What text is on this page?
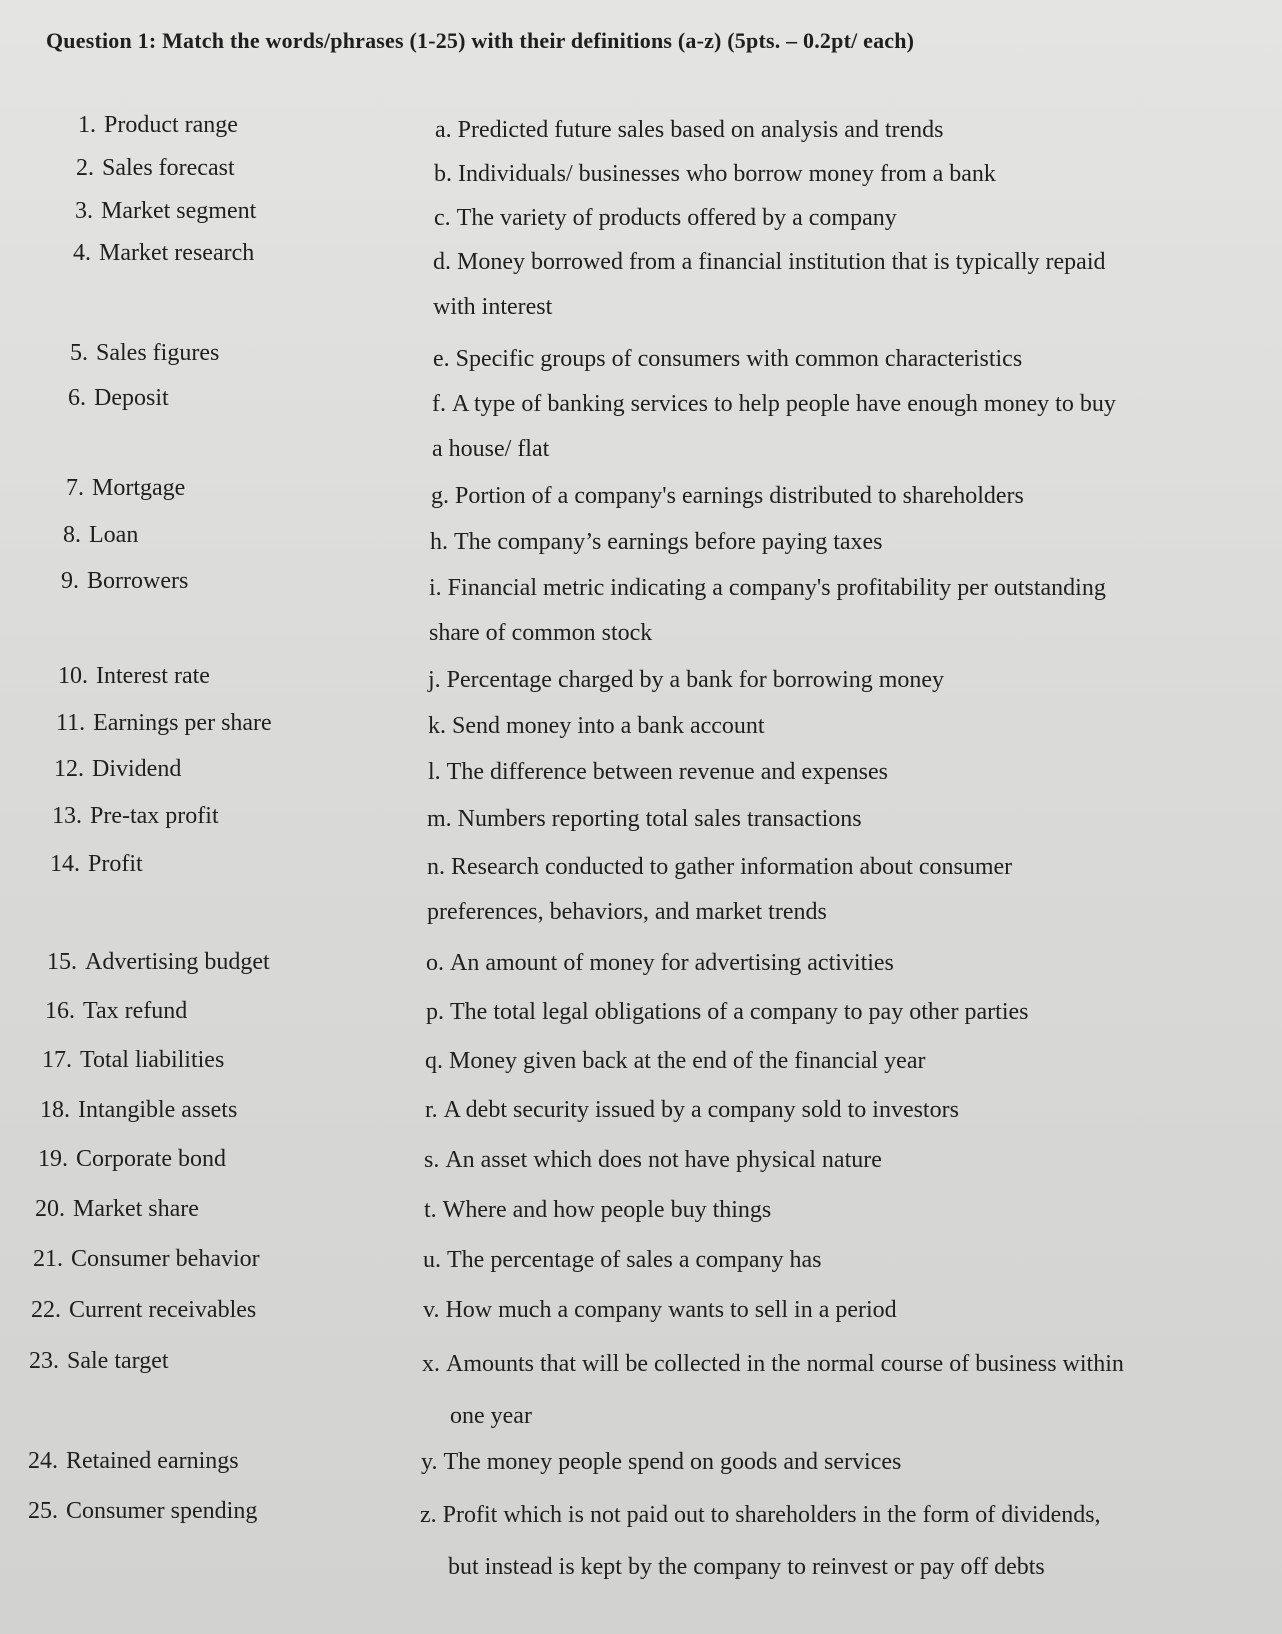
Question 1: Match the words/phrases (1-25) with their definitions (a-z) (5pts. – 0.2pt/ each)
1. Product range	a. Predicted future sales based on analysis and trends
2. Sales forecast	b. Individuals/ businesses who borrow money from a bank
3. Market segment	c. The variety of products offered by a company
4. Market research	d. Money borrowed from a financial institution that is typically repaid
with interest
5. Sales figures	e. Specific groups of consumers with common characteristics
6. Deposit	f. A type of banking services to help people have enough money to buy
a house/ flat
7. Mortgage	g. Portion of a company's earnings distributed to shareholders
8. Loan	h. The company’s earnings before paying taxes
9. Borrowers	i. Financial metric indicating a company's profitability per outstanding
share of common stock
10. Interest rate	j. Percentage charged by a bank for borrowing money
11. Earnings per share	k. Send money into a bank account
12. Dividend	l. The difference between revenue and expenses
13. Pre-tax profit	m. Numbers reporting total sales transactions
14. Profit	n. Research conducted to gather information about consumer
preferences, behaviors, and market trends
15. Advertising budget	o. An amount of money for advertising activities
16. Tax refund	p. The total legal obligations of a company to pay other parties
17. Total liabilities	q. Money given back at the end of the financial year
18. Intangible assets	r. A debt security issued by a company sold to investors
19. Corporate bond	s. An asset which does not have physical nature
20. Market share	t. Where and how people buy things
21. Consumer behavior	u. The percentage of sales a company has
22. Current receivables	v. How much a company wants to sell in a period
23. Sale target	x. Amounts that will be collected in the normal course of business within
one year
24. Retained earnings	y. The money people spend on goods and services
25. Consumer spending	z. Profit which is not paid out to shareholders in the form of dividends,
but instead is kept by the company to reinvest or pay off debts
